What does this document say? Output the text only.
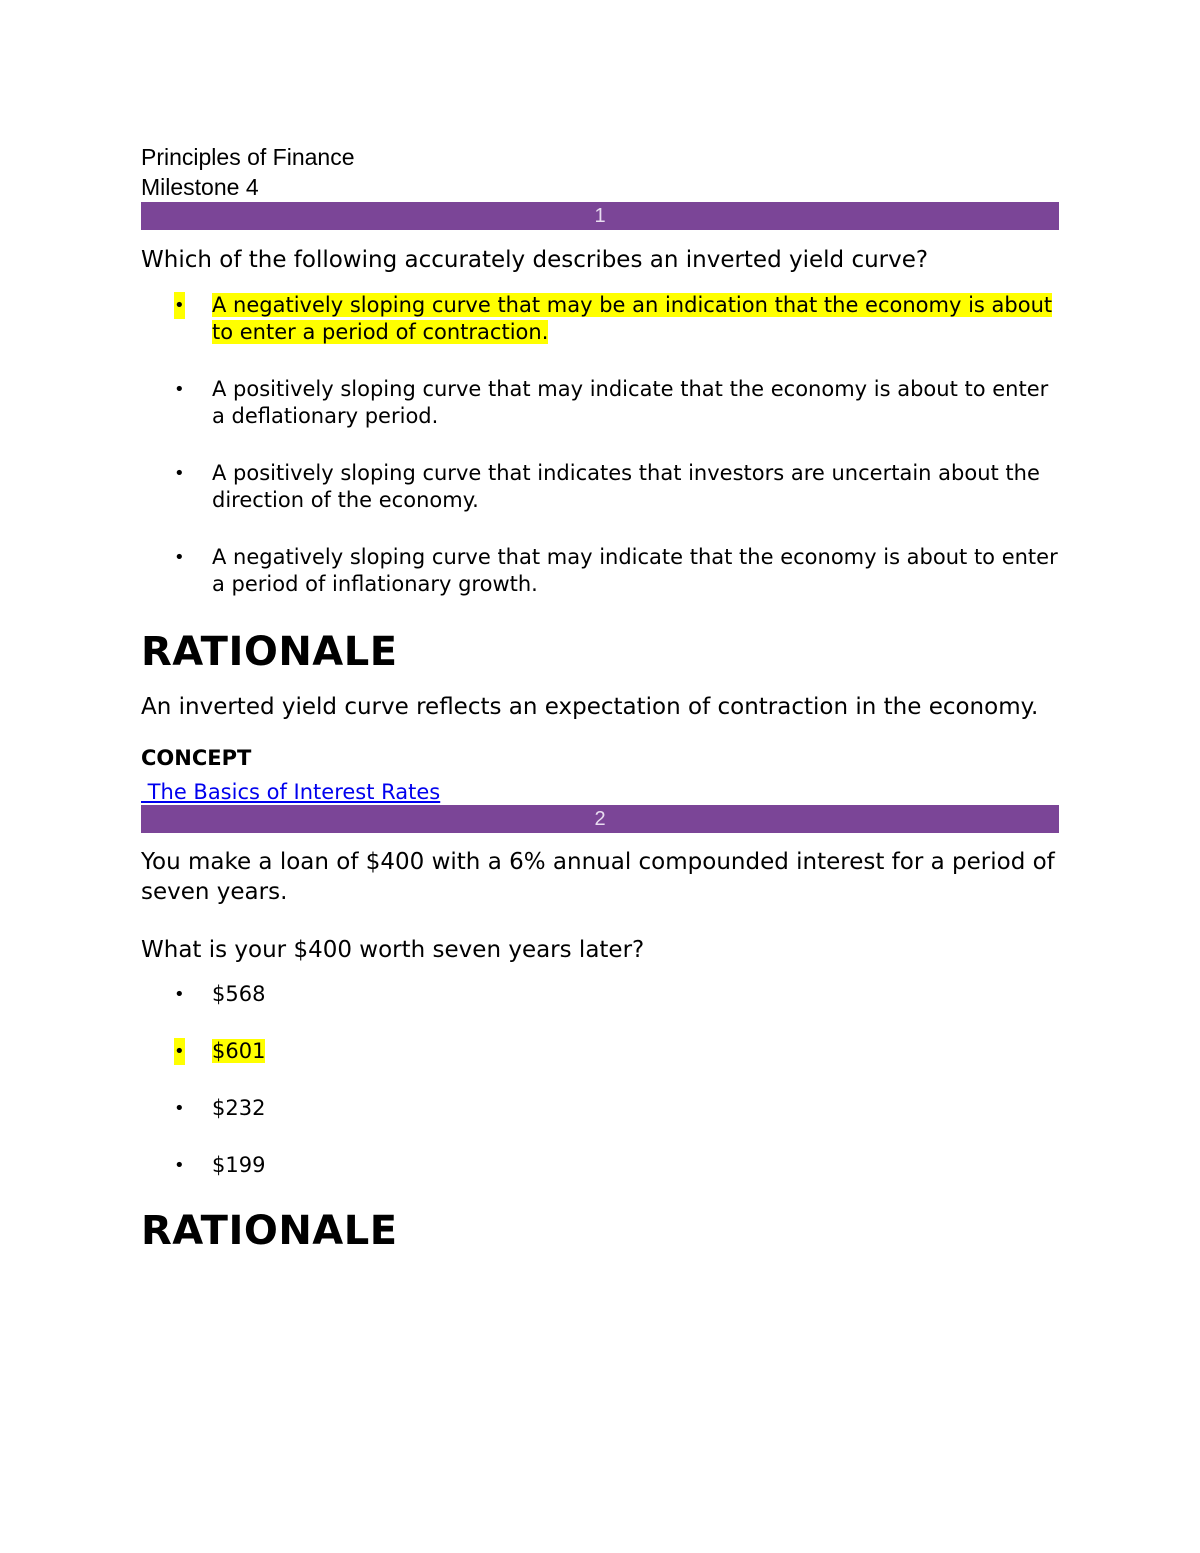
Principles of Finance
Milestone 4
1
Which of the following accurately describes an inverted yield curve?
• A negatively sloping curve that may be an indication that the economy is about to enter a period of contraction.
• A positively sloping curve that may indicate that the economy is about to enter a deflationary period.
• A positively sloping curve that indicates that investors are uncertain about the direction of the economy.
• A negatively sloping curve that may indicate that the economy is about to enter a period of inflationary growth.
RATIONALE
An inverted yield curve reflects an expectation of contraction in the economy.
CONCEPT
The Basics of Interest Rates
2
You make a loan of $400 with a 6% annual compounded interest for a period of seven years.
What is your $400 worth seven years later?
• $568
• $601
• $232
• $199
RATIONALE
